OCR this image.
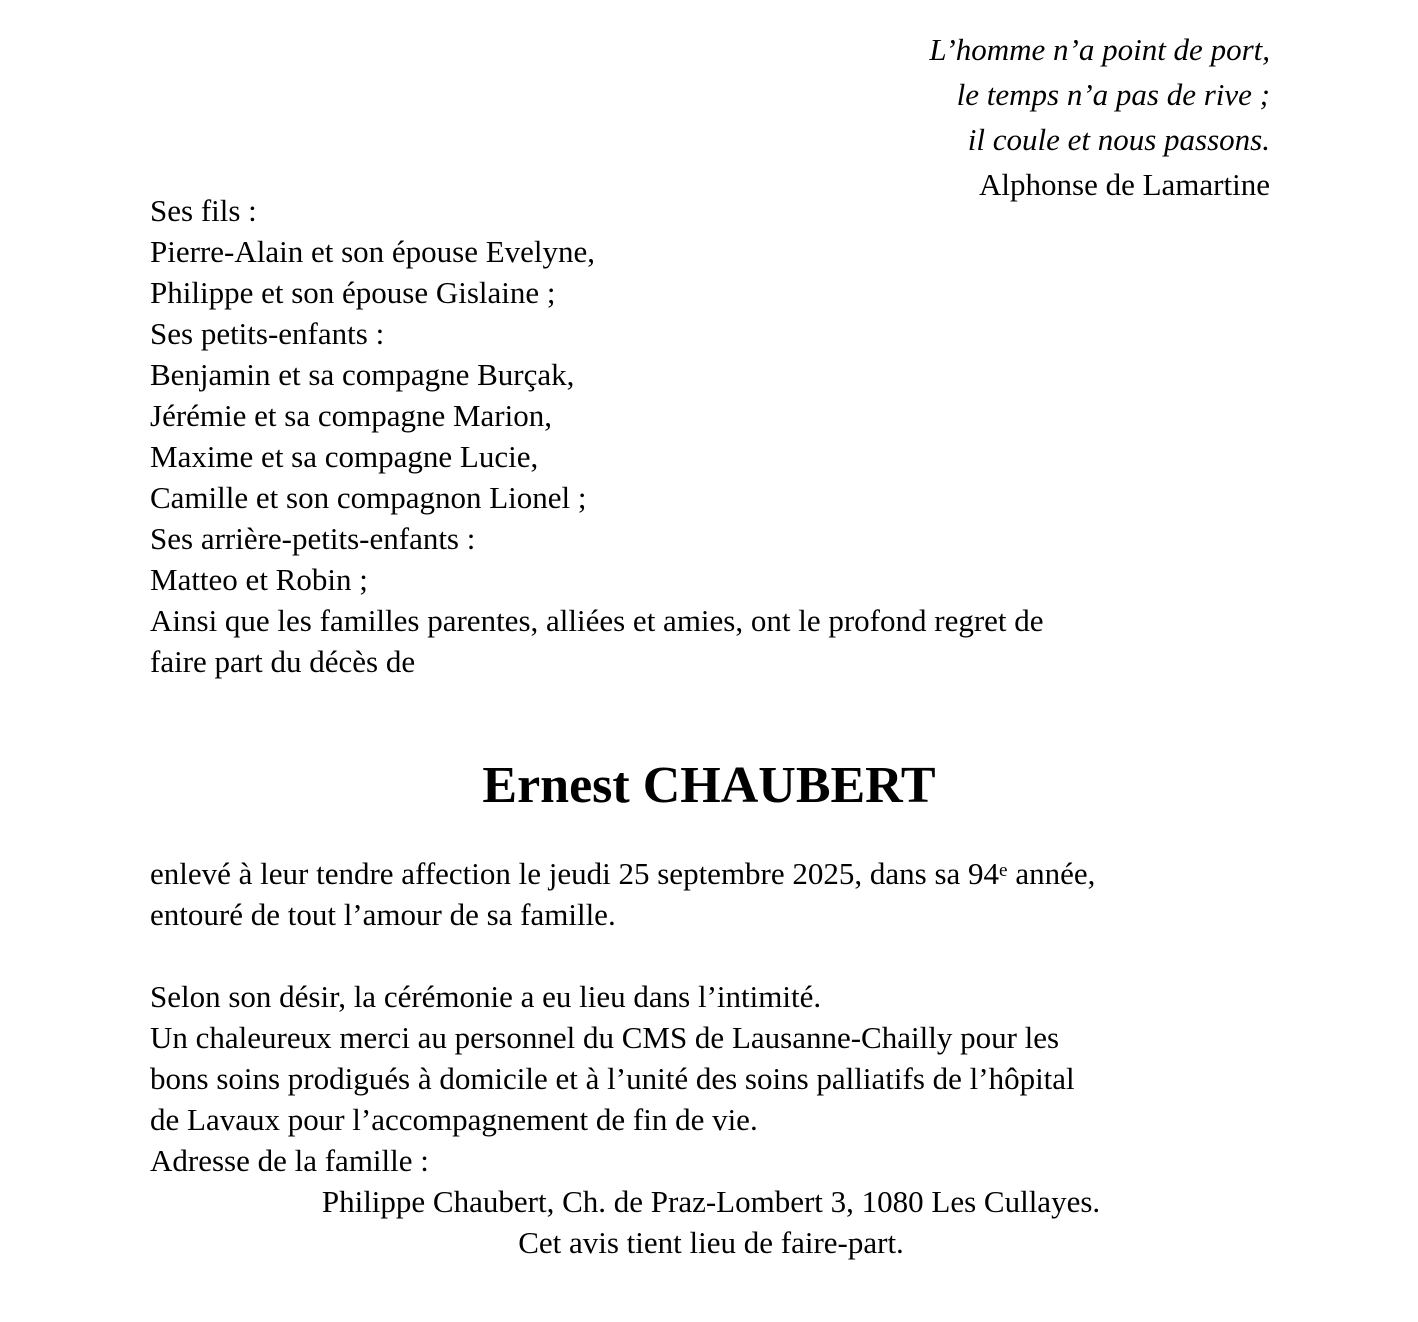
L’homme n’a point de port,
le temps n’a pas de rive ;
il coule et nous passons.
Alphonse de Lamartine
Ses fils :
Pierre-Alain et son épouse Evelyne,
Philippe et son épouse Gislaine ;
Ses petits-enfants :
Benjamin et sa compagne Burçak,
Jérémie et sa compagne Marion,
Maxime et sa compagne Lucie,
Camille et son compagnon Lionel ;
Ses arrière-petits-enfants :
Matteo et Robin ;
Ainsi que les familles parentes, alliées et amies, ont le profond regret de
faire part du décès de
Ernest CHAUBERT
enlevé à leur tendre affection le jeudi 25 septembre 2025, dans sa 94e année,
entouré de tout l’amour de sa famille.
Selon son désir, la cérémonie a eu lieu dans l’intimité.
Un chaleureux merci au personnel du CMS de Lausanne-Chailly pour les
bons soins prodigués à domicile et à l’unité des soins palliatifs de l’hôpital
de Lavaux pour l’accompagnement de fin de vie.
Adresse de la famille :
Philippe Chaubert, Ch. de Praz-Lombert 3, 1080 Les Cullayes.
Cet avis tient lieu de faire-part.
